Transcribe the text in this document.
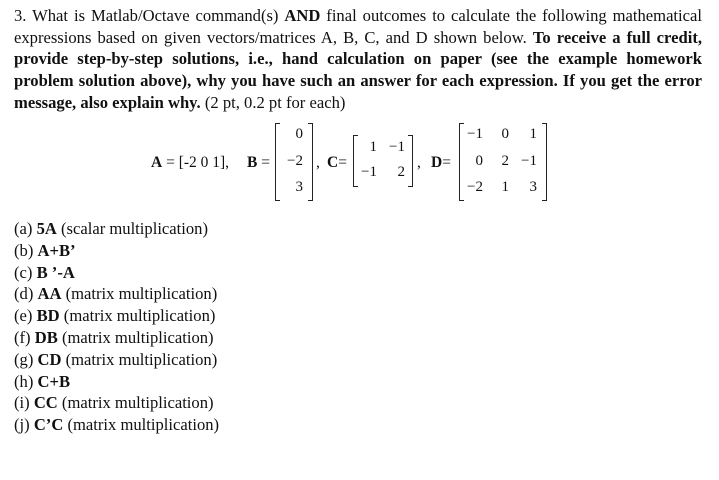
3. What is Matlab/Octave command(s) AND final outcomes to calculate the following mathematical expressions based on given vectors/matrices A, B, C, and D shown below. To receive a full credit, provide step-by-step solutions, i.e., hand calculation on paper (see the example homework problem solution above), why you have such an answer for each expression. If you get the error message, also explain why. (2 pt, 0.2 pt for each)
A = [-2 0 1], B =
0
−2
3
, C=
1 −1
−1	2
, D=
−1	0	1
0	2 −1
−2	1	3
(a) 5A (scalar multiplication)
(b) A+B’
(c) B ’-A
(d) AA (matrix multiplication)
(e) BD (matrix multiplication)
(f) DB (matrix multiplication)
(g) CD (matrix multiplication)
(h) C+B
(i) CC (matrix multiplication)
(j) C’C (matrix multiplication)
